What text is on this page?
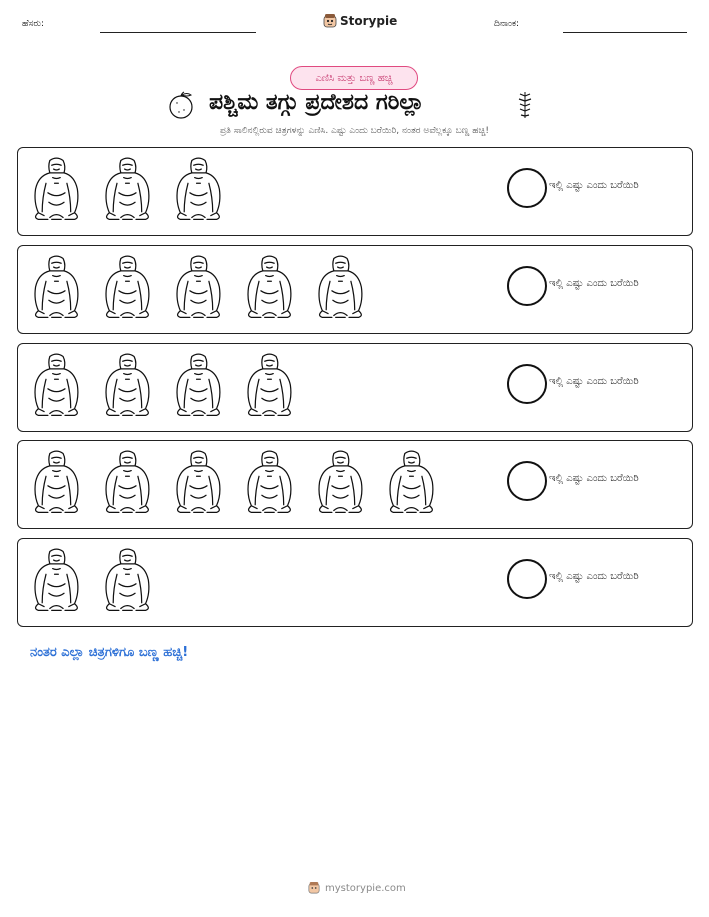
ಹೆಸರು:	Storypie	ದಿನಾಂಕ:
ಎಣಿಸಿ ಮತ್ತು ಬಣ್ಣ ಹಚ್ಚಿ
ಪಶ್ಚಿಮ ತಗ್ಗು ಪ್ರದೇಶದ ಗರಿಲ್ಲಾ

ಪ್ರತಿ ಸಾಲಿನಲ್ಲಿರುವ ಚಿತ್ರಗಳನ್ನು ಎಣಿಸಿ. ಎಷ್ಟು ಎಂದು ಬರೆಯಿರಿ, ನಂತರ ಅವೆಲ್ಲಕ್ಕೂ ಬಣ್ಣ ಹಚ್ಚಿ!

ಇಲ್ಲಿ ಎಷ್ಟು ಎಂದು ಬರೆಯಿರಿ
ಇಲ್ಲಿ ಎಷ್ಟು ಎಂದು ಬರೆಯಿರಿ
ಇಲ್ಲಿ ಎಷ್ಟು ಎಂದು ಬರೆಯಿರಿ
ಇಲ್ಲಿ ಎಷ್ಟು ಎಂದು ಬರೆಯಿರಿ
ಇಲ್ಲಿ ಎಷ್ಟು ಎಂದು ಬರೆಯಿರಿ

ನಂತರ ಎಲ್ಲಾ ಚಿತ್ರಗಳಿಗೂ ಬಣ್ಣ ಹಚ್ಚಿ!

mystorypie.com
